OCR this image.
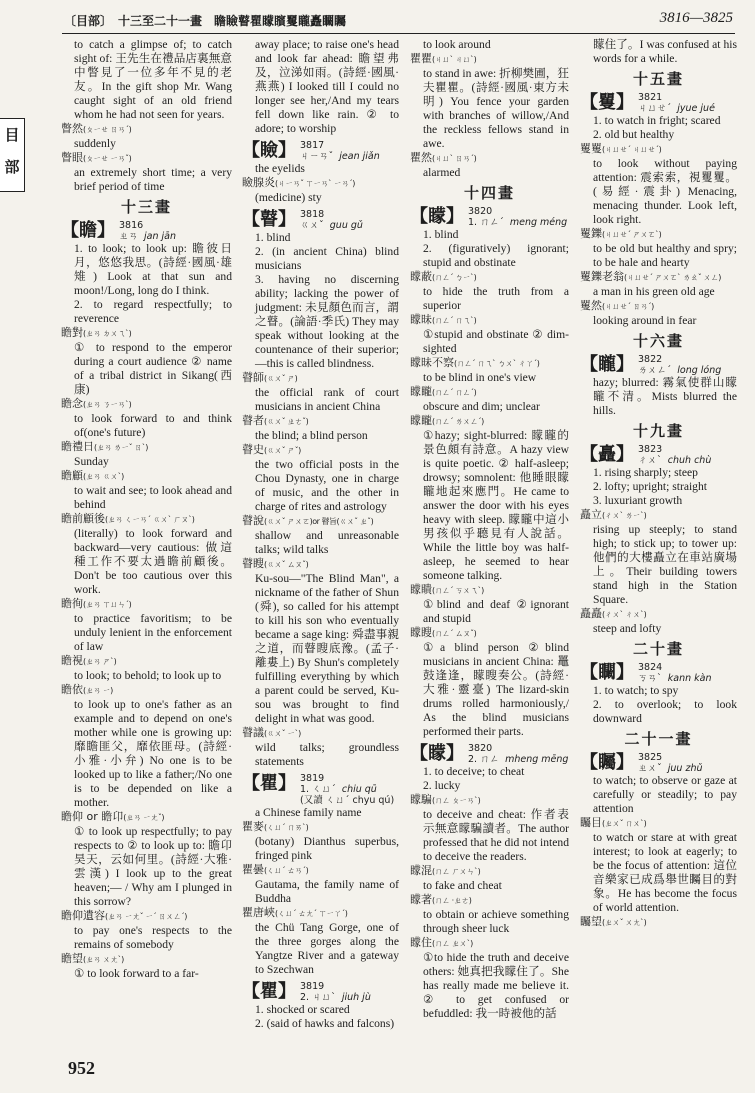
〔目部〕　十三至二十一畫　瞻瞼瞽瞿矇矉矍矓矗矙矚	3816—3825
目
部

to catch a glimpse of; to catch sight of: 王先生在禮品店裏無意中瞥見了一位多年不見的老友。In the gift shop Mr. Wang caught sight of an old friend whom he had not seen for years.

瞥然(ㄆㄧㄝ ㄖㄢˊ)

suddenly

瞥眼(ㄆㄧㄝ ㄧㄢˇ)

an extremely short time; a very brief period of time

十三畫
【瞻】 3816
ㄓㄢ jan jān

1. to look; to look up: 瞻彼日月，悠悠我思。(詩經·國風·雄雉) Look at that sun and moon!/Long, long do I think.

2. to regard respectfully; to reverence

瞻對(ㄓㄢ ㄉㄨㄟˋ)

① to respond to the emperor during a court audience ② name of a tribal district in Sikang(西康)

瞻念(ㄓㄢ ㄋㄧㄢˋ)

to look forward to and think of(one's future)

瞻禮日(ㄓㄢ ㄌㄧˇ ㄖˋ)

Sunday

瞻顧(ㄓㄢ ㄍㄨˋ)

to wait and see; to look ahead and behind

瞻前顧後(ㄓㄢ ㄑㄧㄢˊ ㄍㄨˋ ㄏㄡˋ)

(literally) to look forward and backward—very cautious: 做這種工作不要太過瞻前顧後。Don't be too cautious over this work.

瞻徇(ㄓㄢ ㄒㄩㄣˊ)

to practice favoritism; to be unduly lenient in the enforcement of law

瞻視(ㄓㄢ ㄕˋ)

to look; to behold; to look up to

瞻依(ㄓㄢ ㄧ)

to look up to one's father as an example and to depend on one's mother while one is growing up: 靡瞻匪父，靡依匪母。(詩經·小雅·小弁) No one is to be looked up to like a father;/No one is to be depended on like a mother.

瞻仰 or 瞻卬(ㄓㄢ ㄧㄤˇ)

① to look up respectfully; to pay respects to ② to look up to: 瞻卬昊天，云如何里。(詩經·大雅·雲漢) I look up to the great heaven;— / Why am I plunged in this sorrow?

瞻仰遺容(ㄓㄢ ㄧㄤˇ ㄧˊ ㄖㄨㄥˊ)

to pay one's respects to the remains of somebody

瞻望(ㄓㄢ ㄨㄤˋ)

① to look forward to a far-

away place; to raise one's head and look far ahead: 瞻望弗及，泣涕如雨。(詩經·國風·燕燕) I looked till I could no longer see her,/And my tears fell down like rain. ② to adore; to worship

【瞼】 3817
ㄐㄧㄢˇ jean jiǎn

the eyelids

瞼腺炎(ㄐㄧㄢˇ ㄒㄧㄢˋ ㄧㄢˊ)

(medicine) sty

【瞽】 3818
ㄍㄨˇ guu gǔ

1. blind

2. (in ancient China) blind musicians

3. having no discerning ability; lacking the power of judgment: 未見顏色而言，謂之瞽。(論語·季氏) They may speak without looking at the countenance of their superior; —this is called blindness.

瞽師(ㄍㄨˇ ㄕ)

the official rank of court musicians in ancient China

瞽者(ㄍㄨˇ ㄓㄜˇ)

the blind; a blind person

瞽史(ㄍㄨˇ ㄕˇ)

the two official posts in the Chou Dynasty, one in charge of music, and the other in charge of rites and astrology

瞽說(ㄍㄨˇ ㄕㄨㄛ)or 瞽旨(ㄍㄨˇ ㄓˇ)

shallow and unreasonable talks; wild talks

瞽瞍(ㄍㄨˇ ㄙㄡˇ)

Ku-sou—"The Blind Man", a nickname of the father of Shun (舜), so called for his attempt to kill his son who eventually became a sage king: 舜盡事親之道，而瞽瞍底豫。(孟子·離婁上) By Shun's completely fulfilling everything by which a parent could be served, Ku-sou was brought to find delight in what was good.

瞽議(ㄍㄨˇ ㄧˋ)

wild talks; groundless statements

【瞿】 3819
1. ㄑㄩˊ chiu qū
(又讀 ㄑㄩˊ chyu qú)

a Chinese family name

瞿麥(ㄑㄩˊ ㄇㄞˋ)

(botany) Dianthus superbus, fringed pink

瞿曇(ㄑㄩˊ ㄊㄢˊ)

Gautama, the family name of Buddha

瞿唐峽(ㄑㄩˊ ㄊㄤˊ ㄒㄧㄚˊ)

the Chü Tang Gorge, one of the three gorges along the Yangtze River and a gateway to Szechwan

【瞿】 3819
2. ㄐㄩˋ jiuh jù

1. shocked or scared

2. (said of hawks and falcons)

to look around

瞿瞿(ㄐㄩˋ ㄐㄩˋ)

to stand in awe: 折柳樊圃，狂夫瞿瞿。(詩經·國風·東方未明) You fence your garden with branches of willow,/And the reckless fellows stand in awe.

瞿然(ㄐㄩˋ ㄖㄢˊ)

alarmed

十四畫
【矇】 3820
1. ㄇㄥˊ meng méng

1. blind

2. (figuratively) ignorant; stupid and obstinate

矇蔽(ㄇㄥˊ ㄅㄧˋ)

to hide the truth from a superior

矇昧(ㄇㄥˊ ㄇㄟˋ)

①stupid and obstinate ② dim-sighted

矇昧不察(ㄇㄥˊ ㄇㄟˋ ㄅㄨˋ ㄔㄚˊ)

to be blind in one's view

矇矓(ㄇㄥˊ ㄇㄥˊ)

obscure and dim; unclear

矇矓(ㄇㄥˊ ㄌㄨㄥˊ)

①hazy; sight-blurred: 矇矓的景色頗有詩意。A hazy view is quite poetic. ② half-asleep; drowsy; somnolent: 他睡眼矇矓地起來應門。He came to answer the door with his eyes heavy with sleep. 矇矓中這小男孩似乎聽見有人說話。While the little boy was half-asleep, he seemed to hear someone talking.

矇瞶(ㄇㄥˊ ㄎㄨㄟˋ)

①blind and deaf ②ignorant and stupid

矇瞍(ㄇㄥˊ ㄙㄡˇ)

①a blind person ②blind musicians in ancient China: 鼉鼓逢逢，矇瞍奏公。(詩經·大雅·靈臺) The lizard-skin drums rolled harmoniously,/ As the blind musicians performed their parts.

【矇】 3820
2. ㄇㄥ mheng mēng

1. to deceive; to cheat

2. lucky

矇騙(ㄇㄥ ㄆㄧㄢˋ)

to deceive and cheat: 作者表示無意矇騙讀者。The author professed that he did not intend to deceive the readers.

矇混(ㄇㄥ ㄏㄨㄣˋ)

to fake and cheat

矇著(ㄇㄥ ·ㄓㄜ)

to obtain or achieve something through sheer luck

矇住(ㄇㄥ ㄓㄨˋ)

①to hide the truth and deceive others: 她真把我矇住了。She has really made me believe it. ② to get confused or befuddled: 我一時被他的話

矇住了。I was confused at his words for a while.

十五畫
【矍】 3821
ㄐㄩㄝˊ jyue jué

1. to watch in fright; scared

2. old but healthy

矍矍(ㄐㄩㄝˊ ㄐㄩㄝˊ)

to look without paying attention: 震索索，視矍矍。(易經·震卦) Menacing, menacing thunder. Look left, look right.

矍鑠(ㄐㄩㄝˊ ㄕㄨㄛˋ)

to be old but healthy and spry; to be hale and hearty

矍鑠老翁(ㄐㄩㄝˊ ㄕㄨㄛˋ ㄌㄠˇ ㄨㄥ)

a man in his green old age

矍然(ㄐㄩㄝˊ ㄖㄢˊ)

looking around in fear

十六畫
【矓】 3822
ㄌㄨㄥˊ long lóng

hazy; blurred: 霧氣使群山矇矓不清。Mists blurred the hills.

十九畫
【矗】 3823
ㄔㄨˋ chuh chù

1. rising sharply; steep

2. lofty; upright; straight

3. luxuriant growth

矗立(ㄔㄨˋ ㄌㄧˋ)

rising up steeply; to stand high; to stick up; to tower up: 他們的大樓矗立在車站廣場上。Their building towers stand high in the Station Square.

矗矗(ㄔㄨˋ ㄔㄨˋ)

steep and lofty

二十畫
【矙】 3824
ㄎㄢˋ kann kàn

1. to watch; to spy

2. to overlook; to look downward

二十一畫
【矚】 3825
ㄓㄨˇ juu zhǔ

to watch; to observe or gaze at carefully or steadily; to pay attention

矚目(ㄓㄨˇ ㄇㄨˋ)

to watch or stare at with great interest; to look at eagerly; to be the focus of attention: 這位音樂家已成爲舉世矚目的對象。He has become the focus of world attention.

矚望(ㄓㄨˇ ㄨㄤˋ)

952
